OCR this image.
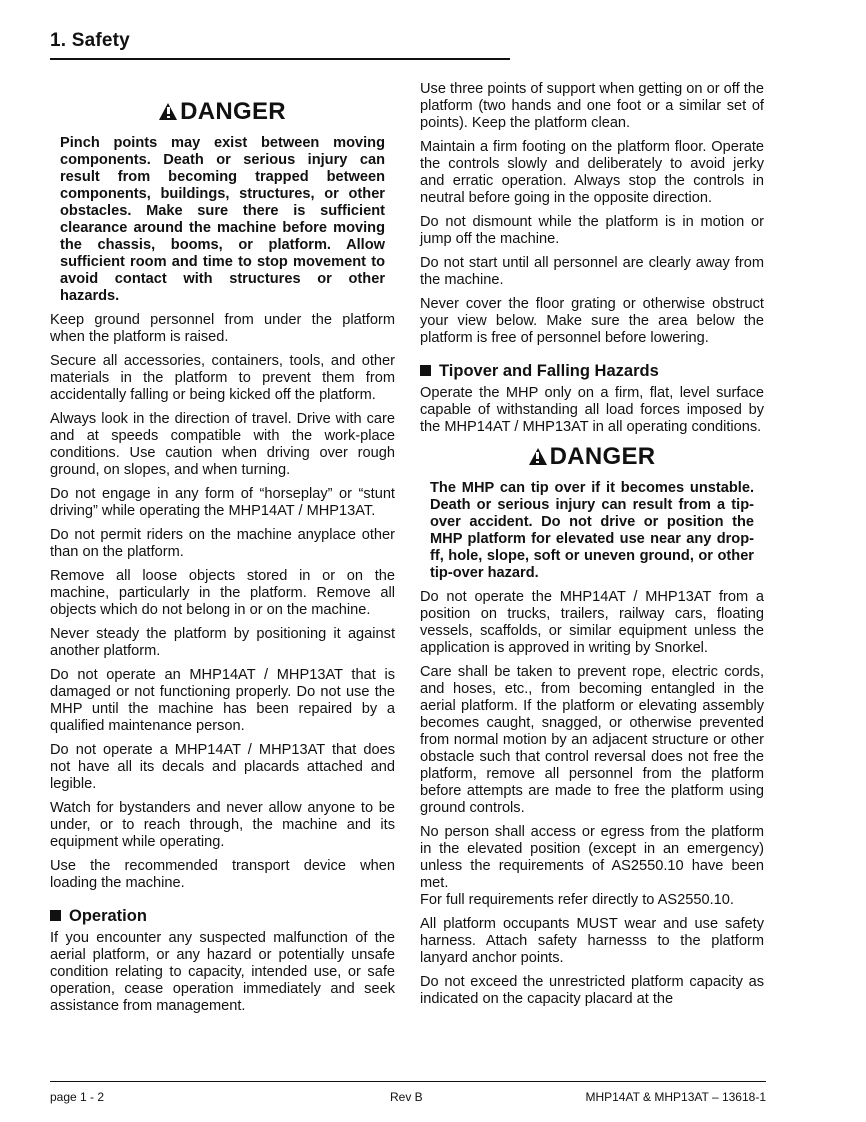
1. Safety
DANGER

Pinch points may exist between moving components. Death or serious injury can result from becoming trapped between components, buildings, structures, or other obstacles. Make sure there is sufficient clearance around the machine before moving the chassis, booms, or platform. Allow sufficient room and time to stop movement to avoid contact with structures or other hazards.

Keep ground personnel from under the platform when the platform is raised.

Secure all accessories, containers, tools, and other materials in the platform to prevent them from accidentally falling or being kicked off the platform.

Always look in the direction of travel. Drive with care and at speeds compatible with the work-place conditions. Use caution when driving over rough ground, on slopes, and when turning.

Do not engage in any form of “horseplay” or “stunt driving” while operating the MHP14AT / MHP13AT.

Do not permit riders on the machine anyplace other than on the platform.

Remove all loose objects stored in or on the machine, particularly in the platform. Remove all objects which do not belong in or on the machine.

Never steady the platform by positioning it against another platform.

Do not operate an MHP14AT / MHP13AT that is damaged or not functioning properly. Do not use the MHP until the machine has been repaired by a qualified maintenance person.

Do not operate a MHP14AT / MHP13AT that does not have all its decals and placards attached and legible.

Watch for bystanders and never allow anyone to be under, or to reach through, the machine and its equipment while operating.

Use the recommended transport device when loading the machine.

Operation

If you encounter any suspected malfunction of the aerial platform, or any hazard or potentially unsafe condition relating to capacity, intended use, or safe operation, cease operation immediately and seek assistance from management.

Use three points of support when getting on or off the platform (two hands and one foot or a similar set of points). Keep the platform clean.

Maintain a firm footing on the platform floor. Operate the controls slowly and deliberately to avoid jerky and erratic operation. Always stop the controls in neutral before going in the opposite direction.

Do not dismount while the platform is in motion or jump off the machine.

Do not start until all personnel are clearly away from the machine.

Never cover the floor grating or otherwise obstruct your view below. Make sure the area below the platform is free of personnel before lowering.

Tipover and Falling Hazards

Operate the MHP only on a firm, flat, level surface capable of withstanding all load forces imposed by the MHP14AT / MHP13AT in all operating conditions.

DANGER

The MHP can tip over if it becomes unstable. Death or serious injury can result from a tip-over accident. Do not drive or position the MHP platform for elevated use near any drop-ff, hole, slope, soft or uneven ground, or other tip-over hazard.

Do not operate the MHP14AT / MHP13AT from a position on trucks, trailers, railway cars, floating vessels, scaffolds, or similar equipment unless the application is approved in writing by Snorkel.

Care shall be taken to prevent rope, electric cords, and hoses, etc., from becoming entangled in the aerial platform. If the platform or elevating assembly becomes caught, snagged, or otherwise prevented from normal motion by an adjacent structure or other obstacle such that control reversal does not free the platform, remove all personnel from the platform before attempts are made to free the platform using ground controls.

No person shall access or egress from the platform in the elevated position (except in an emergency) unless the requirements of AS2550.10 have been met.

For full requirements refer directly to AS2550.10.

All platform occupants MUST wear and use safety harness. Attach safety harnesss to the platform lanyard anchor points.

Do not exceed the unrestricted platform capacity as indicated on the capacity placard at the

page 1 - 2	Rev B	MHP14AT & MHP13AT – 13618-1
